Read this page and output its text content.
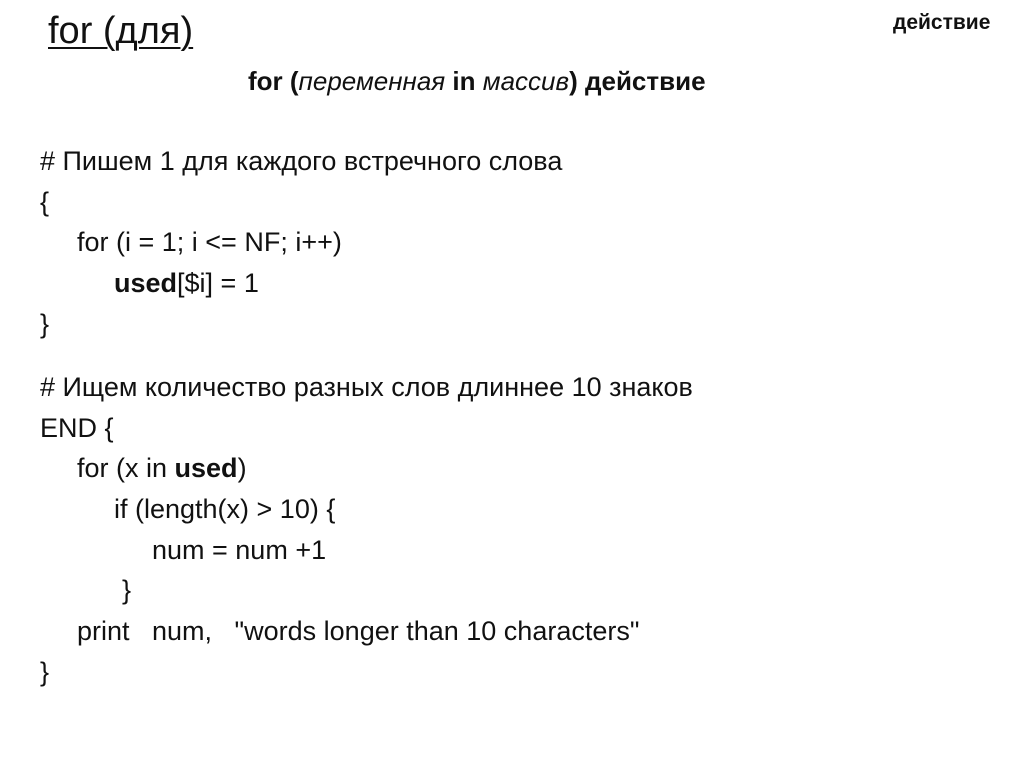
for (для)	действие
for (переменная in массив) действие
# Пишем 1 для каждого встречного слова
{
for (i = 1; i <= NF; i++)
used[$i] = 1
}
# Ищем количество разных слов длиннее 10 знаков
END {
for (x in used)
if (length(x) > 10) {
num = num +1
}
print   num,   "words longer than 10 characters"
}
